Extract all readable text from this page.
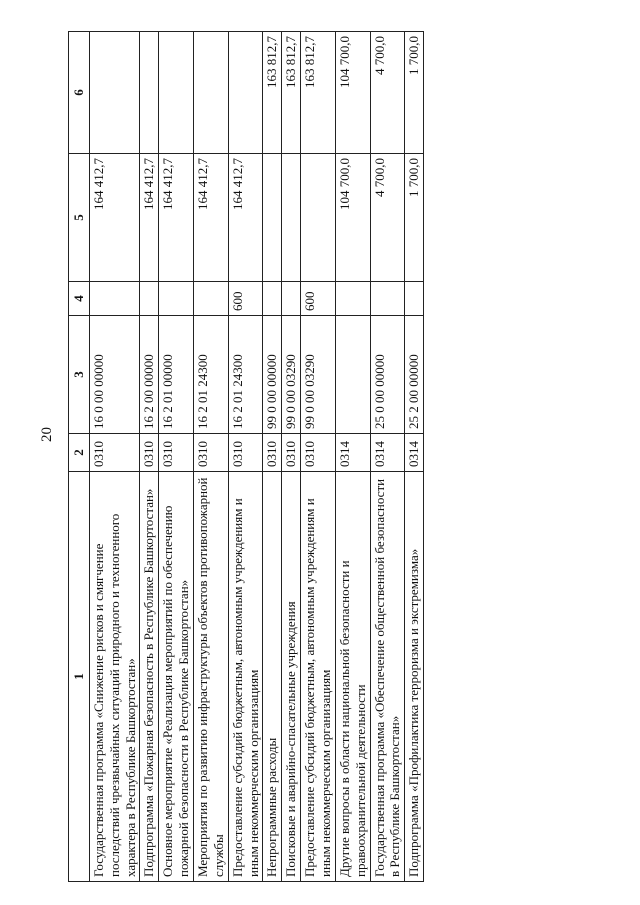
20
1	2	3	4	5	6
Государственная программа «Снижение рисков и смягчение последствий чрезвычайных ситуаций природного и техногенного характера в Республике Башкортостан»	0310	16 0 00 00000		164 412,7	
Подпрограмма «Пожарная безопасность в Республике Башкортостан»	0310	16 2 00 00000		164 412,7	
Основное мероприятие «Реализация мероприятий по обеспечению пожарной безопасности в Республике Башкортостан»	0310	16 2 01 00000		164 412,7	
Мероприятия по развитию инфраструктуры объектов противопожарной службы	0310	16 2 01 24300		164 412,7	
Предоставление субсидий бюджетным, автономным учреждениям и иным некоммерческим организациям	0310	16 2 01 24300	600	164 412,7	
Непрограммные расходы	0310	99 0 00 00000			163 812,7
Поисковые и аварийно-спасательные учреждения	0310	99 0 00 03290			163 812,7
Предоставление субсидий бюджетным, автономным учреждениям и иным некоммерческим организациям	0310	99 0 00 03290	600		163 812,7
Другие вопросы в области национальной безопасности и правоохранительной деятельности	0314			104 700,0	104 700,0
Государственная программа «Обеспечение общественной безопасности в Республике Башкортостан»	0314	25 0 00 00000		4 700,0	4 700,0
Подпрограмма «Профилактика терроризма и экстремизма»	0314	25 2 00 00000		1 700,0	1 700,0
